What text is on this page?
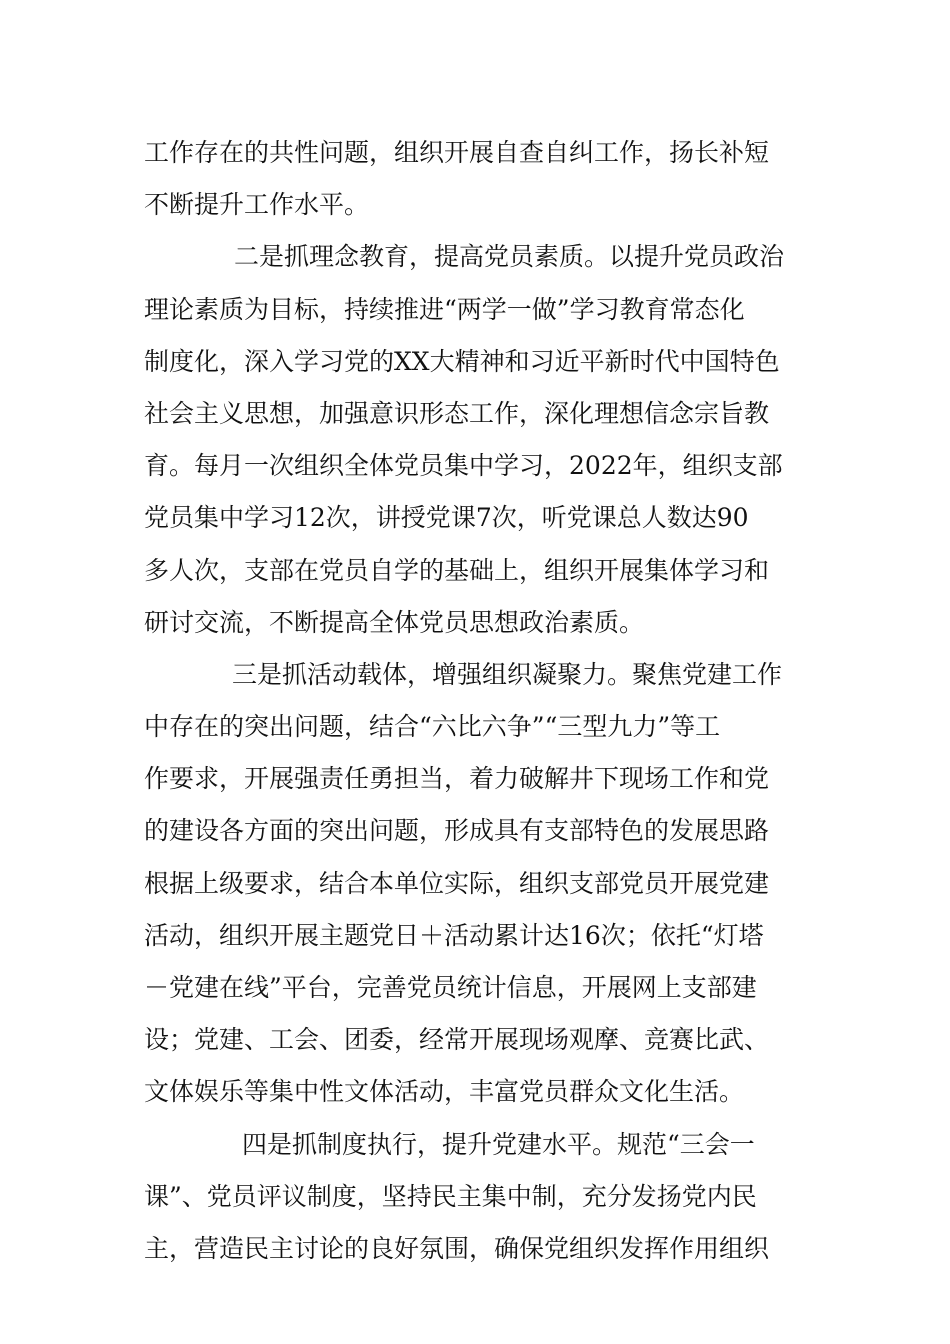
工作存在的共性问题，组织开展自查自纠工作，扬长补短
不断提升工作水平。
二是抓理念教育，提高党员素质。以提升党员政治
理论素质为目标，持续推进“两学一做”学习教育常态化
制度化，深入学习党的XX大精神和习近平新时代中国特色
社会主义思想，加强意识形态工作，深化理想信念宗旨教
育。每月一次组织全体党员集中学习，2022年，组织支部
党员集中学习12次，讲授党课7次，听党课总人数达90
多人次，支部在党员自学的基础上，组织开展集体学习和
研讨交流，不断提高全体党员思想政治素质。
三是抓活动载体，增强组织凝聚力。聚焦党建工作
中存在的突出问题，结合“六比六争”“三型九力”等工
作要求，开展强责任勇担当，着力破解井下现场工作和党
的建设各方面的突出问题，形成具有支部特色的发展思路
根据上级要求，结合本单位实际，组织支部党员开展党建
活动，组织开展主题党日＋活动累计达16次；依托“灯塔
－党建在线”平台，完善党员统计信息，开展网上支部建
设；党建、工会、团委，经常开展现场观摩、竞赛比武、
文体娱乐等集中性文体活动，丰富党员群众文化生活。
四是抓制度执行，提升党建水平。规范“三会一
课”、党员评议制度，坚持民主集中制，充分发扬党内民
主，营造民主讨论的良好氛围，确保党组织发挥作用组织
